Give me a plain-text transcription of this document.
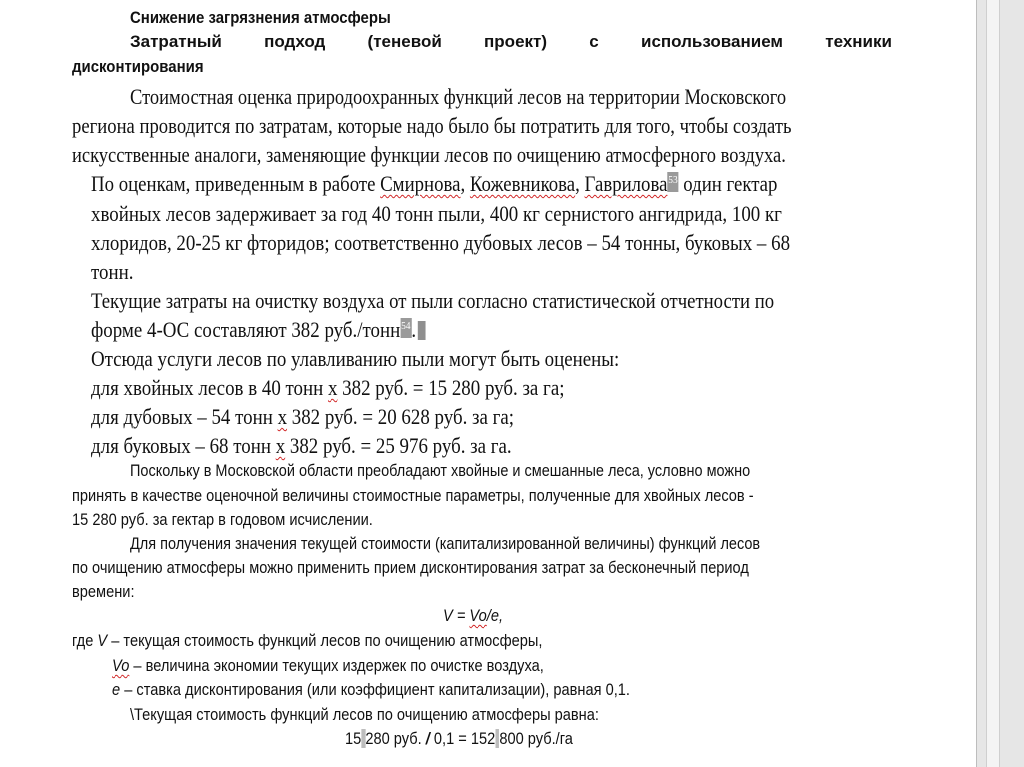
Снижение загрязнения атмосферы
Затратный подход (теневой проект) с использованием техники
дисконтирования
Стоимостная оценка природоохранных функций лесов на территории Московского
региона проводится по затратам, которые надо было бы потратить для того, чтобы создать
искусственные аналоги, заменяющие функции лесов по очищению атмосферного воздуха.
По оценкам, приведенным в работе Смирнова, Кожевникова, Гаврилова$^{53}$ один гектар
хвойных лесов задерживает за год 40 тонн пыли, 400 кг сернистого ангидрида, 100 кг
хлоридов, 20-25 кг фторидов; соответственно дубовых лесов – 54 тонны, буковых – 68
тонн.
Текущие затраты на очистку воздуха от пыли согласно статистической отчетности по
форме 4-ОС составляют 382 руб./тонн$^{54}$.
Отсюда услуги лесов по улавливанию пыли могут быть оценены:
для хвойных лесов в 40 тонн х 382 руб. = 15 280 руб. за га;
для дубовых – 54 тонн х 382 руб. = 20 628 руб. за га;
для буковых – 68 тонн х 382 руб. = 25 976 руб. за га.
Поскольку в Московской области преобладают хвойные и смешанные леса, условно можно
принять в качестве оценочной величины стоимостные параметры, полученные для хвойных лесов -
15 280 руб. за гектар в годовом исчислении.
Для получения значения текущей стоимости (капитализированной величины) функций лесов
по очищению атмосферы можно применить прием дисконтирования затрат за бесконечный период
времени:
V = Vo/e,
где V – текущая стоимость функций лесов по очищению атмосферы,
Vo – величина экономии текущих издержек по очистке воздуха,
e – ставка дисконтирования (или коэффициент капитализации), равная 0,1.
\Текущая стоимость функций лесов по очищению атмосферы равна:
15 280 руб. / 0,1 = 152 800 руб./га
